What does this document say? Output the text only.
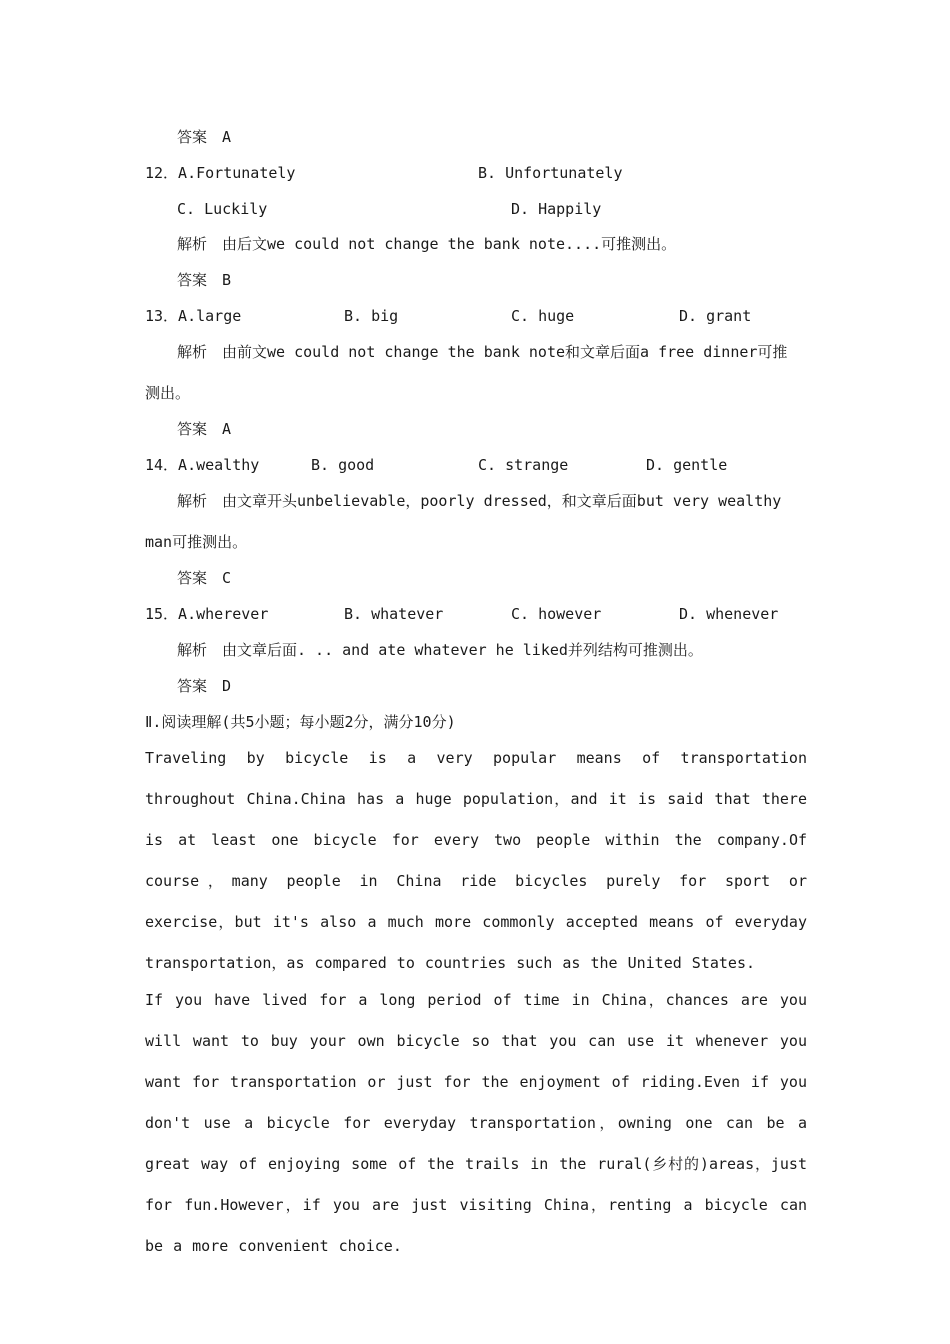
答案　A
12．A.Fortunately	B. Unfortunately
C. Luckily	D. Happily
解析　由后文we could not change the bank note....可推测出。
答案　B
13．A.large	B. big	C. huge	D. grant
解析　由前文we could not change the bank note和文章后面a free dinner可推
测出。
答案　A
14．A.wealthy	B. good	C. strange	D. gentle
解析　由文章开头unbelievable，poorly dressed，和文章后面but very wealthy
man可推测出。
答案　C
15．A.wherever	B. whatever	C. however	D. whenever
解析　由文章后面. .. and ate whatever he liked并列结构可推测出。
答案　D
Ⅱ.阅读理解(共5小题；每小题2分，满分10分)
Traveling by bicycle is a very popular means of transportation throughout China.China has a huge population，and it is said that there is at least one bicycle for every two people within the company.Of course，many people in China ride bicycles purely for sport or exercise，but it's also a much more commonly accepted means of everyday transportation，as compared to countries such as the United States.
If you have lived for a long period of time in China，chances are you will want to buy your own bicycle so that you can use it whenever you want for transportation or just for the enjoyment of riding.Even if you don't use a bicycle for everyday transportation，owning one can be a great way of enjoying some of the trails in the rural(乡村的)areas，just for fun.However，if you are just visiting China，renting a bicycle can be a more convenient choice.
